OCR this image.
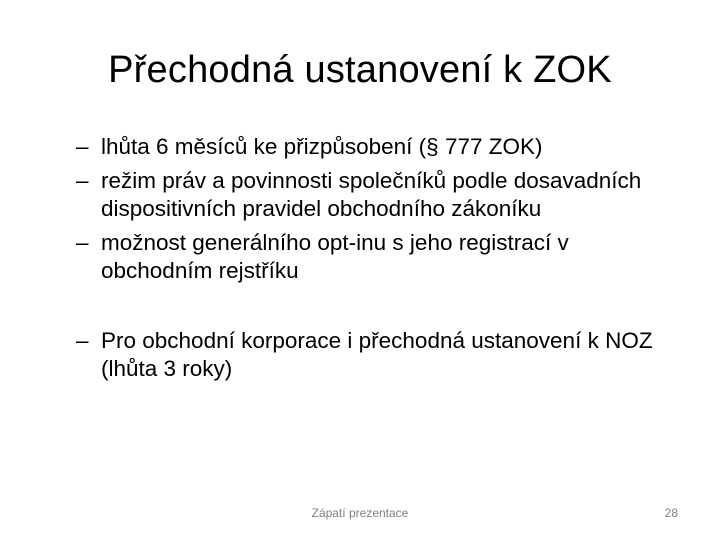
Přechodná ustanovení k ZOK
– lhůta 6 měsíců ke přizpůsobení (§ 777 ZOK)
– režim práv a povinnosti společníků podle dosavadních dispositivních pravidel obchodního zákoníku
– možnost generálního opt-inu s jeho registrací v obchodním rejstříku
– Pro obchodní korporace i přechodná ustanovení k NOZ (lhůta 3 roky)
Zápatí prezentace	28
